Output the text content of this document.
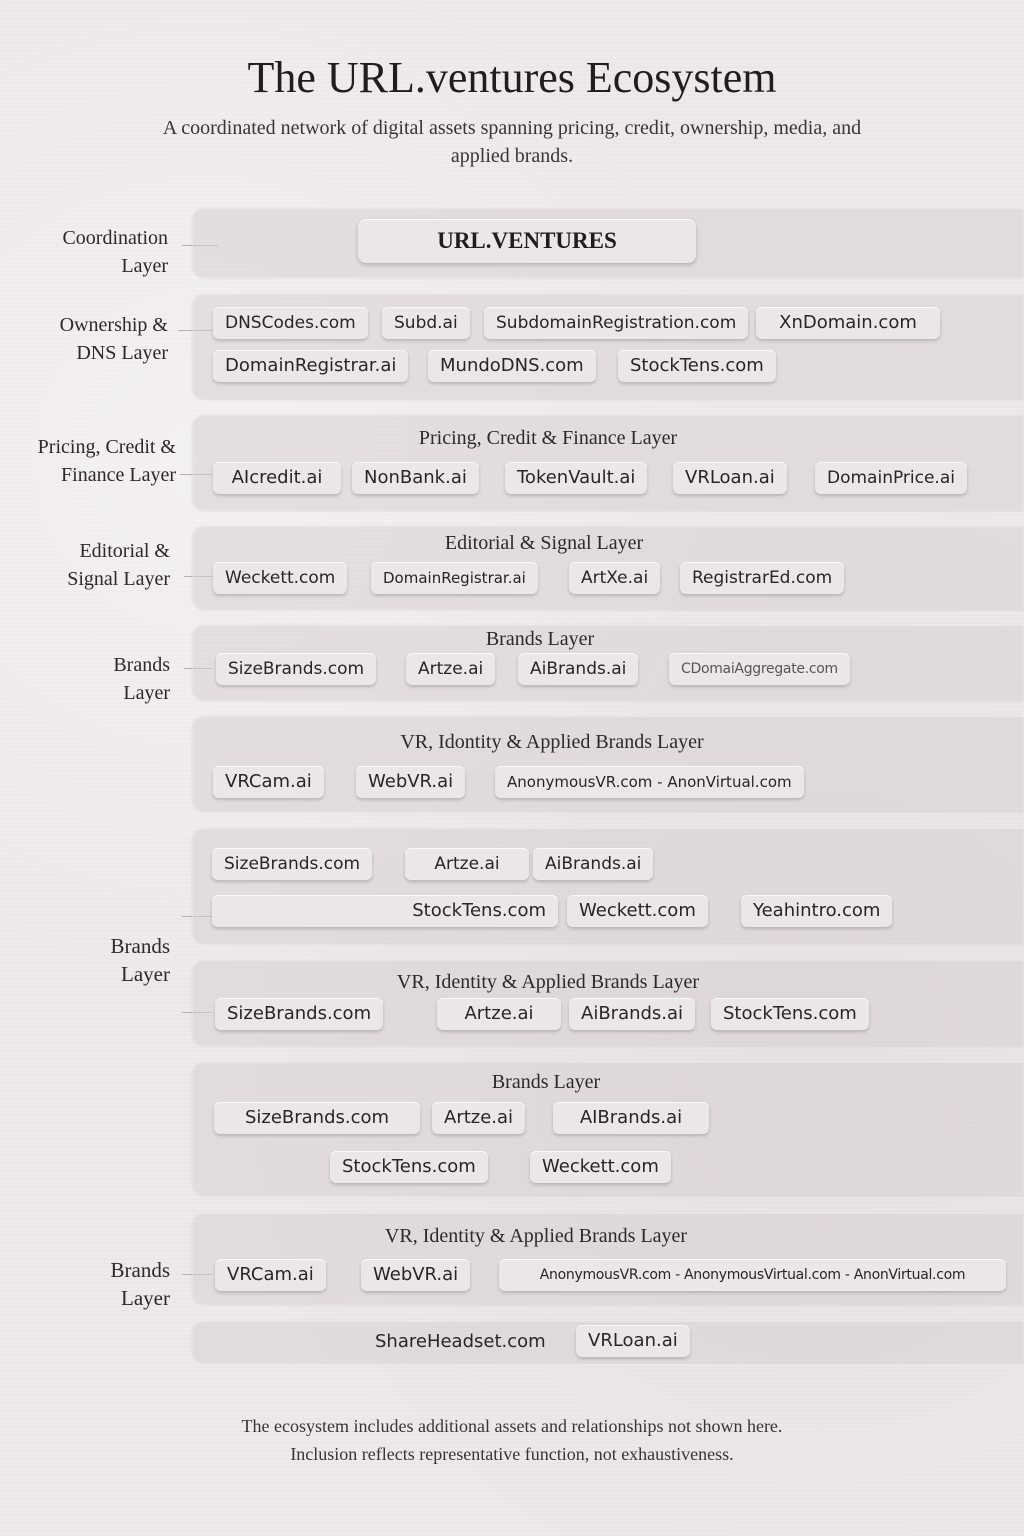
The URL.ventures Ecosystem
A coordinated network of digital assets spanning pricing, credit, ownership, media, and applied brands.
Coordination Layer
Ownership & DNS Layer
Pricing, Credit & Finance Layer
Editorial & Signal Layer
Brands Layer
Brands Layer
Brands Layer
URL.VENTURES
DNSCodes.com	Subd.ai	SubdomainRegistration.com	XnDomain.com
DomainRegistrar.ai	MundoDNS.com	StockTens.com
Pricing, Credit & Finance Layer
AIcredit.ai	NonBank.ai	TokenVault.ai	VRLoan.ai	DomainPrice.ai
Editorial & Signal Layer
Weckett.com	DomainRegistrar.ai	ArtXe.ai	RegistrarEd.com
Brands Layer
SizeBrands.com	Artze.ai	AiBrands.ai	CDomaiAggregate.com
VR, Idontity & Applied Brands Layer
VRCam.ai	WebVR.ai	AnonymousVR.com - AnonVirtual.com
SizeBrands.com	Artze.ai	AiBrands.ai
StockTens.com	Weckett.com	Yeahintro.com
VR, Identity & Applied Brands Layer
SizeBrands.com	Artze.ai	AiBrands.ai	StockTens.com
Brands Layer
SizeBrands.com	Artze.ai	AIBrands.ai
StockTens.com	Weckett.com
VR, Identity & Applied Brands Layer
VRCam.ai	WebVR.ai	AnonymousVR.com - AnonymousVirtual.com - AnonVirtual.com
ShareHeadset.com	VRLoan.ai
The ecosystem includes additional assets and relationships not shown here.
Inclusion reflects representative function, not exhaustiveness.
